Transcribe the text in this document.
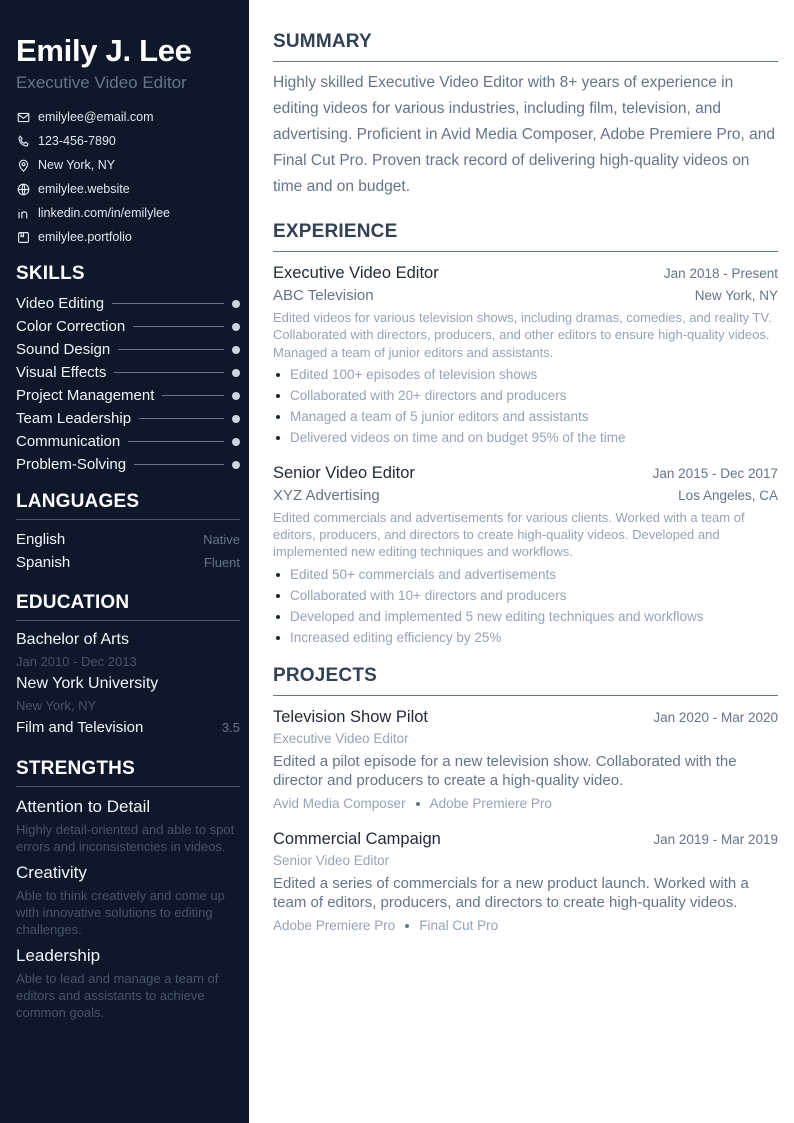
Emily J. Lee
Executive Video Editor
emilylee@email.com
123-456-7890
New York, NY
emilylee.website
linkedin.com/in/emilylee
emilylee.portfolio
SKILLS
Video Editing
Color Correction
Sound Design
Visual Effects
Project Management
Team Leadership
Communication
Problem-Solving
LANGUAGES
English	Native
Spanish	Fluent
EDUCATION
Bachelor of Arts
Jan 2010 - Dec 2013
New York University
New York, NY
Film and Television	3.5
STRENGTHS
Attention to Detail
Highly detail-oriented and able to spot errors and inconsistencies in videos.
Creativity
Able to think creatively and come up with innovative solutions to editing challenges.
Leadership
Able to lead and manage a team of editors and assistants to achieve common goals.
SUMMARY

Highly skilled Executive Video Editor with 8+ years of experience in editing videos for various industries, including film, television, and advertising. Proficient in Avid Media Composer, Adobe Premiere Pro, and Final Cut Pro. Proven track record of delivering high-quality videos on time and on budget.

EXPERIENCE
Executive Video Editor	Jan 2018 - Present
ABC Television	New York, NY

Edited videos for various television shows, including dramas, comedies, and reality TV. Collaborated with directors, producers, and other editors to ensure high-quality videos. Managed a team of junior editors and assistants.

Edited 100+ episodes of television shows
Collaborated with 20+ directors and producers
Managed a team of 5 junior editors and assistants
Delivered videos on time and on budget 95% of the time
Senior Video Editor	Jan 2015 - Dec 2017
XYZ Advertising	Los Angeles, CA

Edited commercials and advertisements for various clients. Worked with a team of editors, producers, and directors to create high-quality videos. Developed and implemented new editing techniques and workflows.

Edited 50+ commercials and advertisements
Collaborated with 10+ directors and producers
Developed and implemented 5 new editing techniques and workflows
Increased editing efficiency by 25%
PROJECTS
Television Show Pilot	Jan 2020 - Mar 2020
Executive Video Editor

Edited a pilot episode for a new television show. Collaborated with the director and producers to create a high-quality video.

Avid Media Composer Adobe Premiere Pro
Commercial Campaign	Jan 2019 - Mar 2019
Senior Video Editor

Edited a series of commercials for a new product launch. Worked with a team of editors, producers, and directors to create high-quality videos.

Adobe Premiere Pro Final Cut Pro
